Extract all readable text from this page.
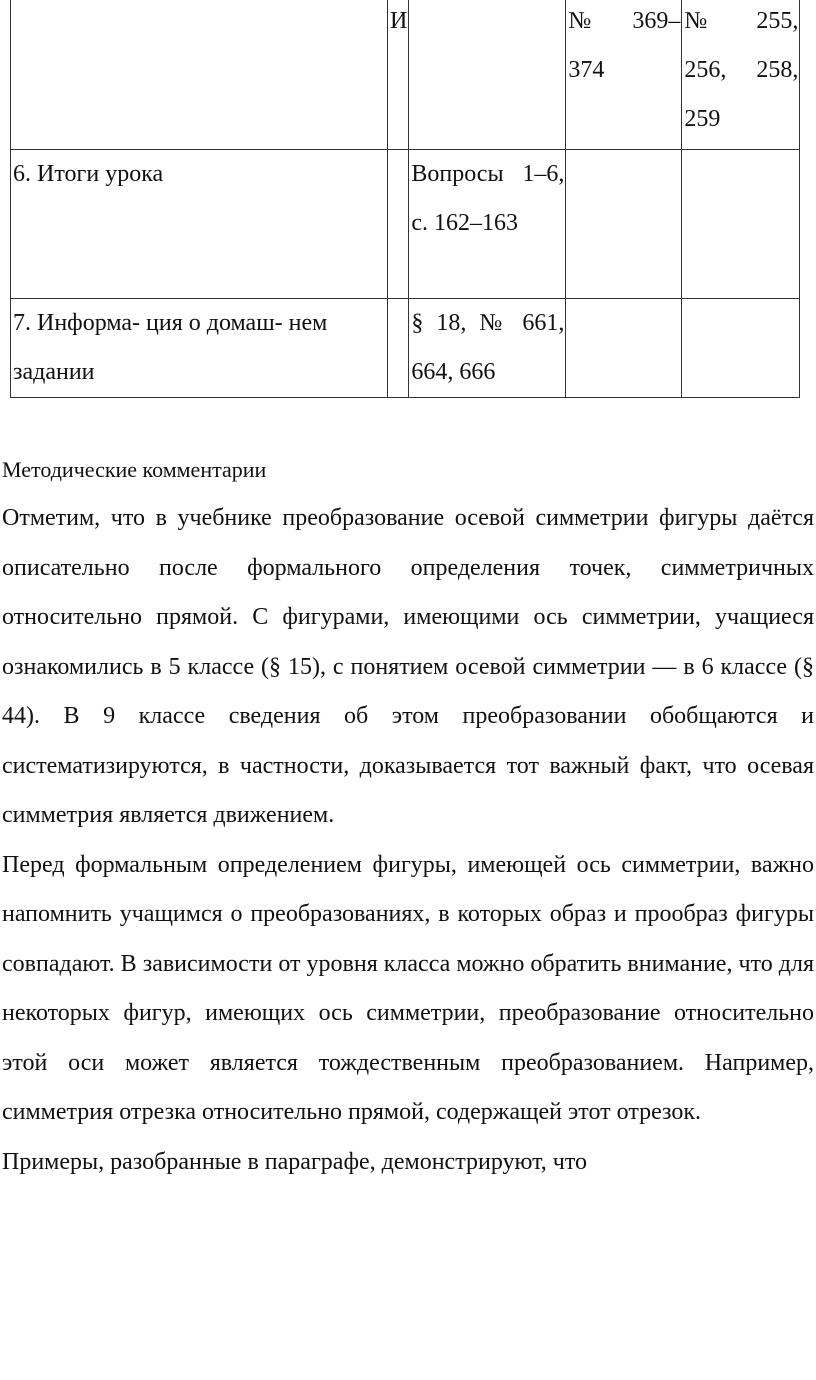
	И		№ 369–374	№ 255, 256, 258, 259
6. Итоги урока		Вопросы 1–6, с. 162–163		
7. Информа- ция о домаш- нем задании		§ 18, № 661, 664, 666		

Методические комментарии

Отметим, что в учебнике преобразование осевой симметрии фигуры даётся описательно после формального определения точек, симметричных относительно прямой. С фигурами, имеющими ось симметрии, учащиеся ознакомились в 5 классе (§ 15), с понятием осевой симметрии — в 6 классе (§ 44). В 9 классе сведения об этом преобразовании обобщаются и систематизируются, в частности, доказывается тот важный факт, что осевая симметрия является движением.

Перед формальным определением фигуры, имеющей ось симметрии, важно напомнить учащимся о преобразованиях, в которых образ и прообраз фигуры совпадают. В зависимости от уровня класса можно обратить внимание, что для некоторых фигур, имеющих ось симметрии, преобразование относительно этой оси может является тождественным преобразованием. Например, симметрия отрезка относительно прямой, содержащей этот отрезок.

Примеры, разобранные в параграфе, демонстрируют, что
